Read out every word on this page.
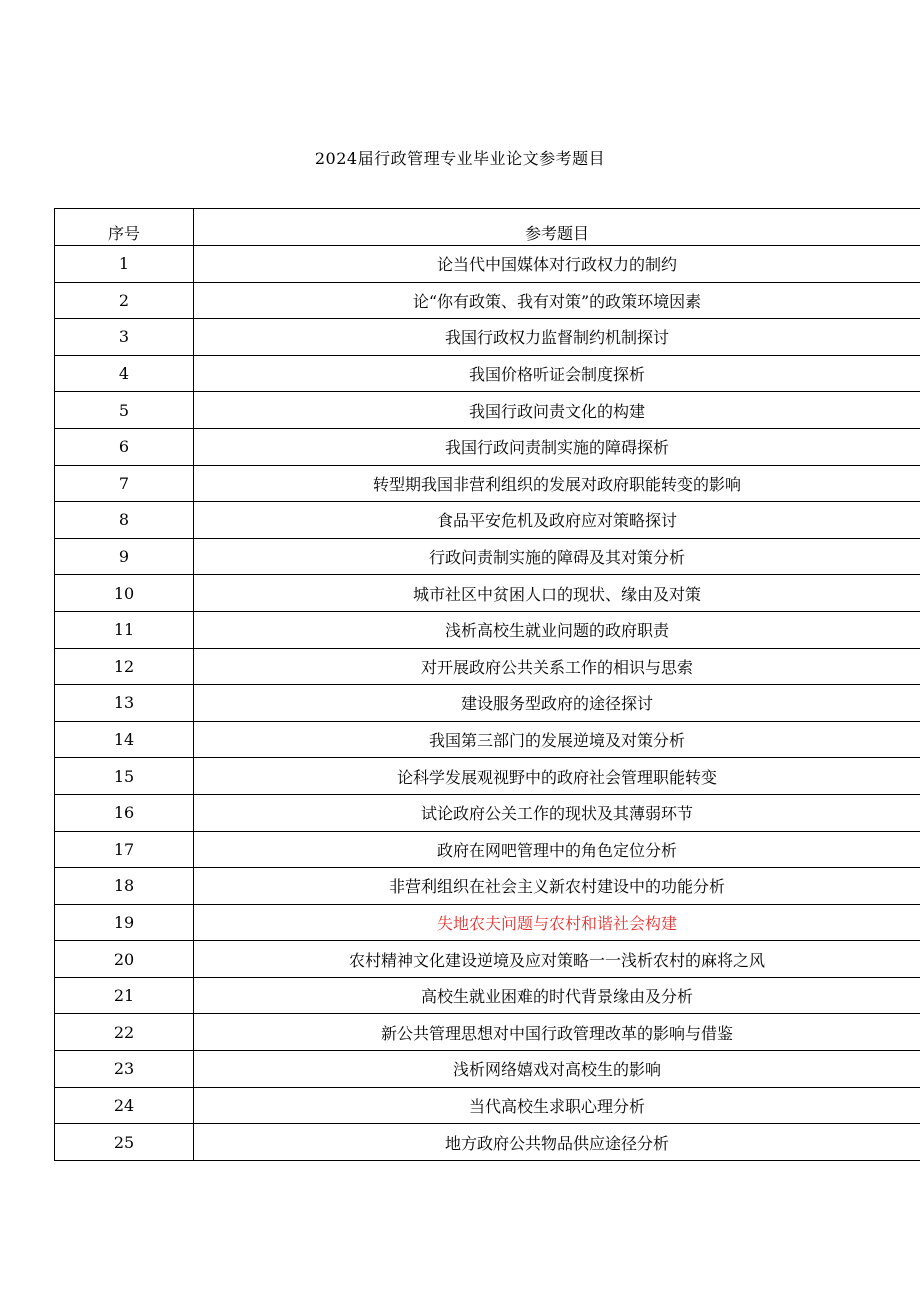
2024届行政管理专业毕业论文参考题目
序号	参考题目
1	论当代中国媒体对行政权力的制约
2	论“你有政策、我有对策”的政策环境因素
3	我国行政权力监督制约机制探讨
4	我国价格听证会制度探析
5	我国行政问责文化的构建
6	我国行政问责制实施的障碍探析
7	转型期我国非营利组织的发展对政府职能转变的影响
8	食品平安危机及政府应对策略探讨
9	行政问责制实施的障碍及其对策分析
10	城市社区中贫困人口的现状、缘由及对策
11	浅析高校生就业问题的政府职责
12	对开展政府公共关系工作的相识与思索
13	建设服务型政府的途径探讨
14	我国第三部门的发展逆境及对策分析
15	论科学发展观视野中的政府社会管理职能转变
16	试论政府公关工作的现状及其薄弱环节
17	政府在网吧管理中的角色定位分析
18	非营利组织在社会主义新农村建设中的功能分析
19	失地农夫问题与农村和谐社会构建
20	农村精神文化建设逆境及应对策略一一浅析农村的麻将之风
21	高校生就业困难的时代背景缘由及分析
22	新公共管理思想对中国行政管理改革的影响与借鉴
23	浅析网络嬉戏对高校生的影响
24	当代高校生求职心理分析
25	地方政府公共物品供应途径分析
